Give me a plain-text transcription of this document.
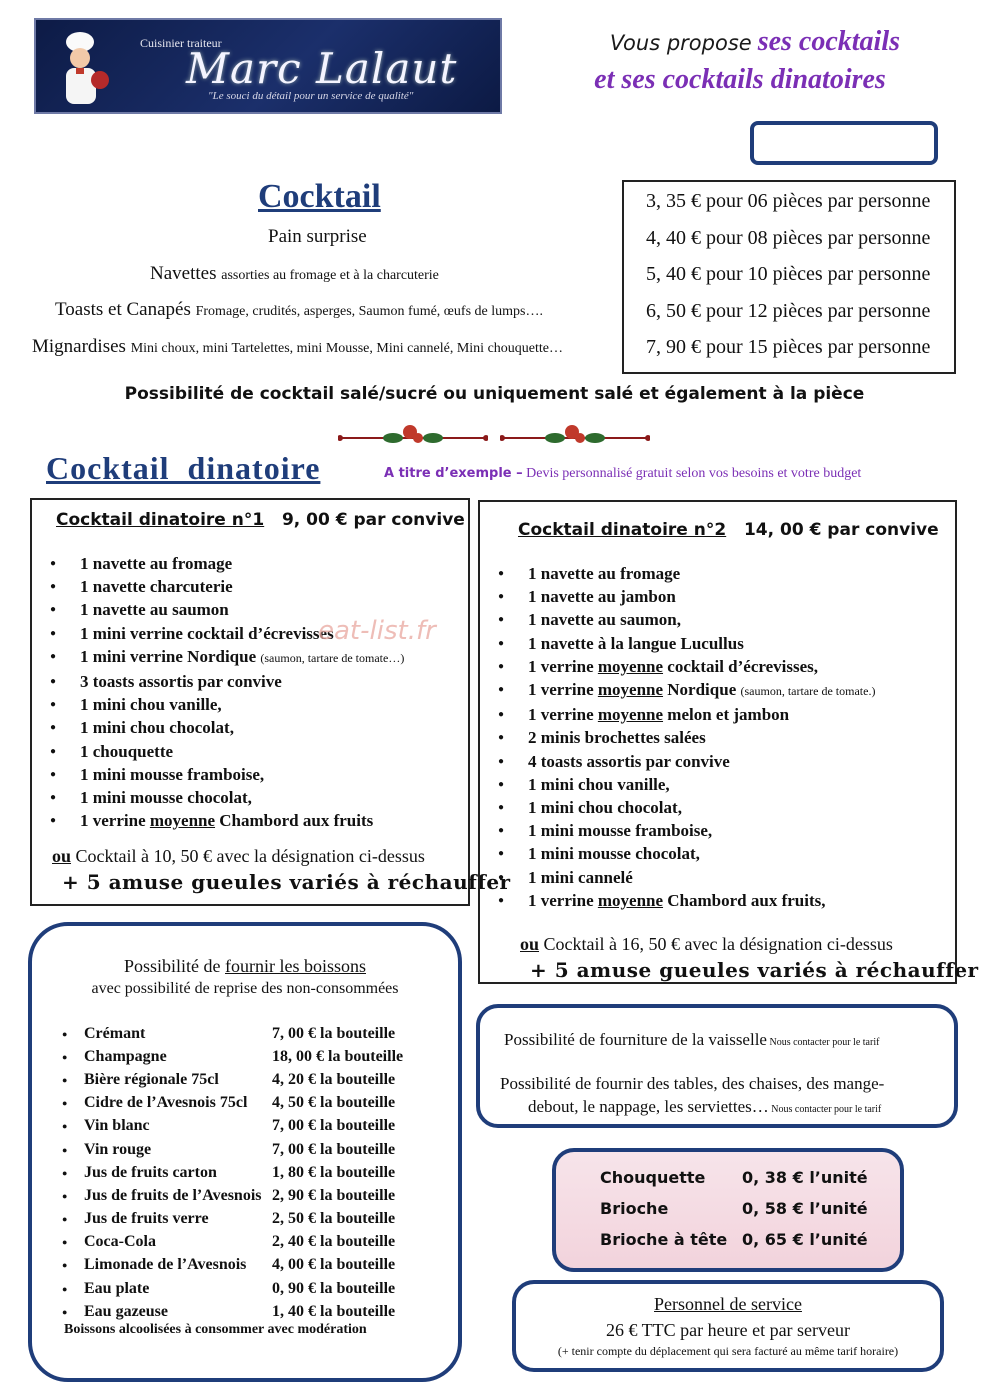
Cuisinier traiteur
Marc Lalaut
"Le souci du détail pour un service de qualité"
Vous propose ses cocktails
et ses cocktails dinatoires
Cocktail
Pain surprise
Navettes assorties au fromage et à la charcuterie
Toasts et Canapés Fromage, crudités, asperges, Saumon fumé, œufs de lumps….
Mignardises Mini choux, mini Tartelettes, mini Mousse, Mini cannelé, Mini chouquette…
3, 35 € pour 06 pièces par personne
4, 40 € pour 08 pièces par personne
5, 40 € pour 10 pièces par personne
6, 50 € pour 12 pièces par personne
7, 90 € pour 15 pièces par personne
Possibilité de cocktail salé/sucré ou uniquement salé et également à la pièce
Cocktail  dinatoire	A titre d’exemple – Devis personnalisé gratuit selon vos besoins et votre budget
Cocktail dinatoire n°1 9, 00 € par convive
● 1 navette au fromage
● 1 navette charcuterie
● 1 navette au saumon
● 1 mini verrine cocktail d’écrevisses
● 1 mini verrine Nordique (saumon, tartare de tomate…)
● 3 toasts assortis par convive
● 1 mini chou vanille,
● 1 mini chou chocolat,
● 1 chouquette
● 1 mini mousse framboise,
● 1 mini mousse chocolat,
● 1 verrine moyenne Chambord aux fruits
ou Cocktail à 10, 50 € avec la désignation ci-dessus
+ 5 amuse gueules variés à réchauffer
Cocktail dinatoire n°2 14, 00 € par convive
● 1 navette au fromage
● 1 navette au jambon
● 1 navette au saumon,
● 1 navette à la langue Lucullus
● 1 verrine moyenne cocktail d’écrevisses,
● 1 verrine moyenne Nordique (saumon, tartare de tomate.)
● 1 verrine moyenne melon et jambon
● 2 minis brochettes salées
● 4 toasts assortis par convive
● 1 mini chou vanille,
● 1 mini chou chocolat,
● 1 mini mousse framboise,
● 1 mini mousse chocolat,
● 1 mini cannelé
● 1 verrine moyenne Chambord aux fruits,
ou Cocktail à 16, 50 € avec la désignation ci-dessus
+ 5 amuse gueules variés à réchauffer
eat-list.fr
Possibilité de fournir les boissons
avec possibilité de reprise des non-consommées
●	Crémant	7, 00 € la bouteille
●	Champagne	18, 00 € la bouteille
●	Bière régionale 75cl	4, 20 € la bouteille
●	Cidre de l’Avesnois 75cl	4, 50 € la bouteille
●	Vin blanc	7, 00 € la bouteille
●	Vin rouge	7, 00 € la bouteille
●	Jus de fruits carton	1, 80 € la bouteille
●	Jus de fruits de l’Avesnois	2, 90 € la bouteille
●	Jus de fruits verre	2, 50 € la bouteille
●	Coca-Cola	2, 40 € la bouteille
●	Limonade de l’Avesnois	4, 00 € la bouteille
●	Eau plate	0, 90 € la bouteille
●	Eau gazeuse	1, 40 € la bouteille
Boissons alcoolisées à consommer avec modération
Possibilité de fourniture de la vaisselle Nous contacter pour le tarif
Possibilité de fournir des tables, des chaises, des mange-
debout, le nappage, les serviettes… Nous contacter pour le tarif
Chouquette 0, 38 € l’unité
Brioche	0, 58 € l’unité
Brioche à tête 0, 65 € l’unité
Personnel de service
26 € TTC par heure et par serveur
(+ tenir compte du déplacement qui sera facturé au même tarif horaire)
